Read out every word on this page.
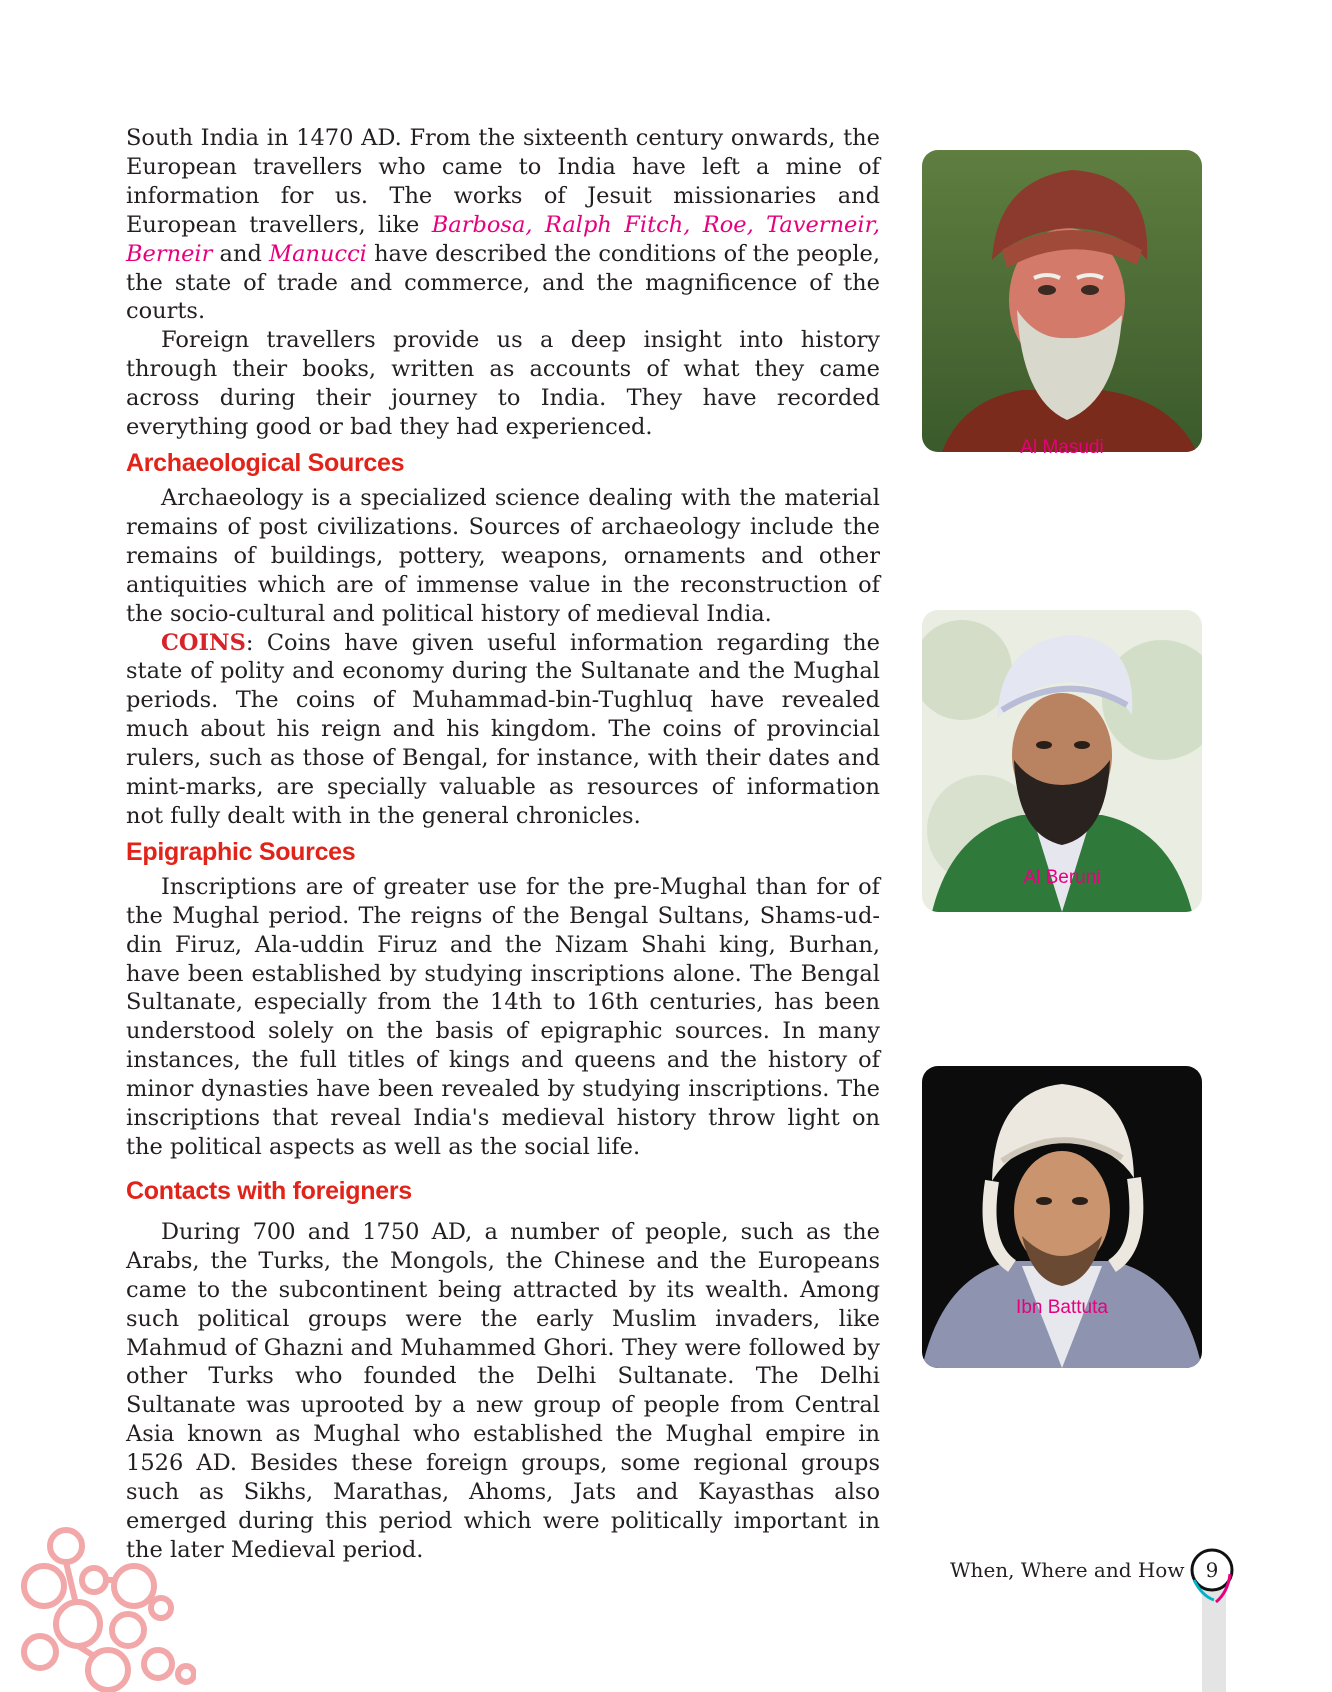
South India in 1470 AD. From the sixteenth century onwards, the European travellers who came to India have left a mine of information for us. The works of Jesuit missionaries and European travellers, like Barbosa, Ralph Fitch, Roe, Taverneir, Berneir and Manucci have described the conditions of the people, the state of trade and commerce, and the magnificence of the courts.

Foreign travellers provide us a deep insight into history through their books, written as accounts of what they came across during their journey to India. They have recorded everything good or bad they had experienced.

Archaeological Sources

Archaeology is a specialized science dealing with the material remains of post civilizations. Sources of archaeology include the remains of buildings, pottery, weapons, ornaments and other antiquities which are of immense value in the reconstruction of the socio-cultural and political history of medieval India.

COINS: Coins have given useful information regarding the state of polity and economy during the Sultanate and the Mughal periods. The coins of Muhammad-bin-Tughluq have revealed much about his reign and his kingdom. The coins of provincial rulers, such as those of Bengal, for instance, with their dates and mint-marks, are specially valuable as resources of information not fully dealt with in the general chronicles.

Epigraphic Sources

Inscriptions are of greater use for the pre-Mughal than for of the Mughal period. The reigns of the Bengal Sultans, Shams-ud-din Firuz, Ala-uddin Firuz and the Nizam Shahi king, Burhan, have been established by studying inscriptions alone. The Bengal Sultanate, especially from the 14th to 16th centuries, has been understood solely on the basis of epigraphic sources. In many instances, the full titles of kings and queens and the history of minor dynasties have been revealed by studying inscriptions. The inscriptions that reveal India's medieval history throw light on the political aspects as well as the social life.

Contacts with foreigners

During 700 and 1750 AD, a number of people, such as the Arabs, the Turks, the Mongols, the Chinese and the Europeans came to the subcontinent being attracted by its wealth. Among such political groups were the early Muslim invaders, like Mahmud of Ghazni and Muhammed Ghori. They were followed by other Turks who founded the Delhi Sultanate. The Delhi Sultanate was uprooted by a new group of people from Central Asia known as Mughal who established the Mughal empire in 1526 AD. Besides these foreign groups, some regional groups such as Sikhs, Marathas, Ahoms, Jats and Kayasthas also emerged during this period which were politically important in the later Medieval period.

Al Masudi
Al Beruni
Ibn Battuta
When, Where and How	9
